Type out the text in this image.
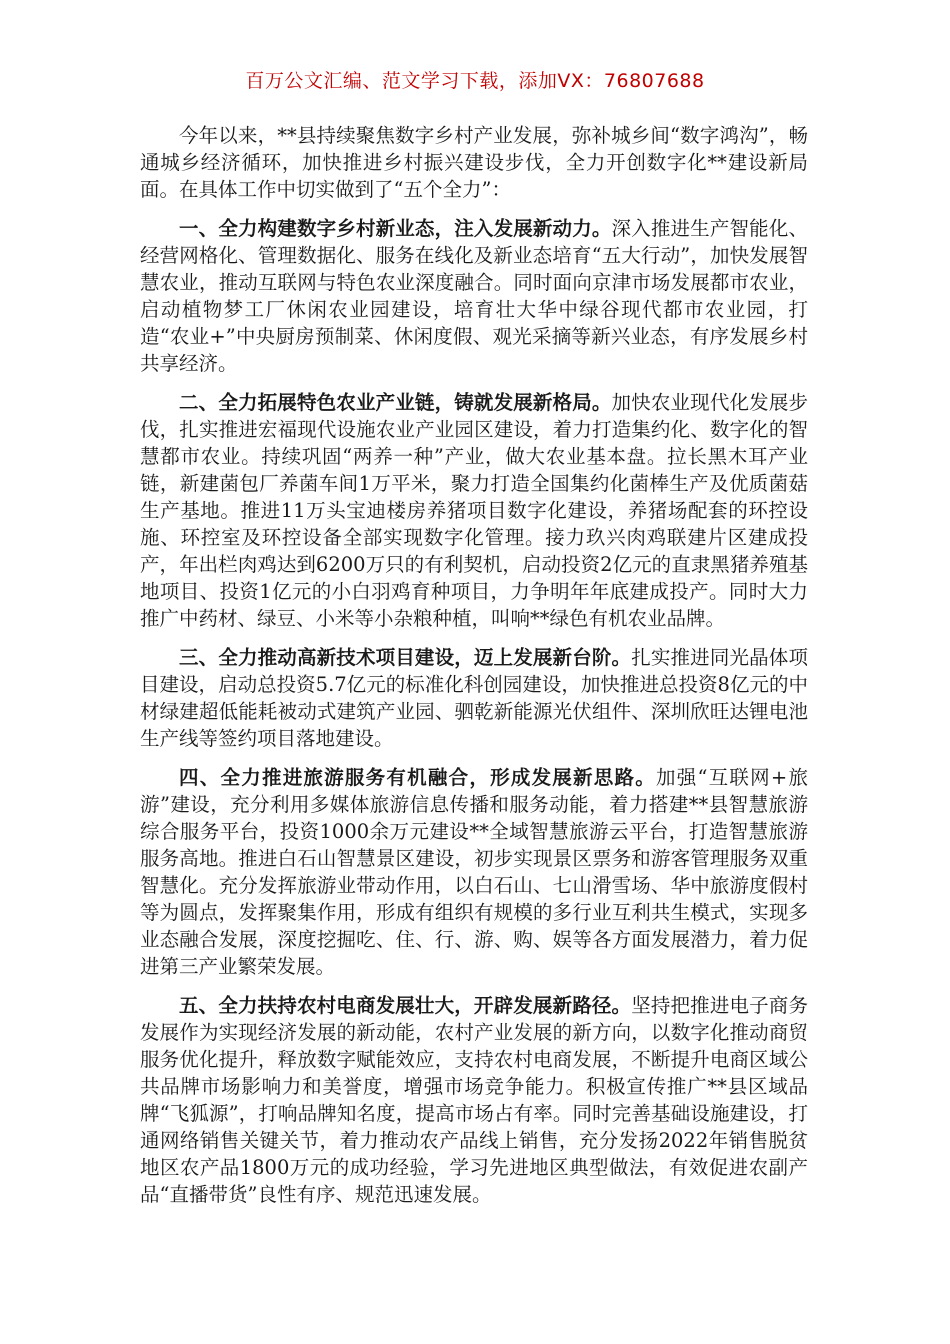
百万公文汇编、范文学习下载，添加VX：76807688

今年以来，**县持续聚焦数字乡村产业发展，弥补城乡间“数字鸿沟”，畅通城乡经济循环，加快推进乡村振兴建设步伐，全力开创数字化**建设新局面。在具体工作中切实做到了“五个全力”：

一、全力构建数字乡村新业态，注入发展新动力。深入推进生产智能化、经营网格化、管理数据化、服务在线化及新业态培育“五大行动”，加快发展智慧农业，推动互联网与特色农业深度融合。同时面向京津市场发展都市农业，启动植物梦工厂休闲农业园建设，培育壮大华中绿谷现代都市农业园，打造“农业+”中央厨房预制菜、休闲度假、观光采摘等新兴业态，有序发展乡村共享经济。

二、全力拓展特色农业产业链，铸就发展新格局。加快农业现代化发展步伐，扎实推进宏福现代设施农业产业园区建设，着力打造集约化、数字化的智慧都市农业。持续巩固“两养一种”产业，做大农业基本盘。拉长黑木耳产业链，新建菌包厂养菌车间1万平米，聚力打造全国集约化菌棒生产及优质菌菇生产基地。推进11万头宝迪楼房养猪项目数字化建设，养猪场配套的环控设施、环控室及环控设备全部实现数字化管理。接力玖兴肉鸡联建片区建成投产，年出栏肉鸡达到6200万只的有利契机，启动投资2亿元的直隶黑猪养殖基地项目、投资1亿元的小白羽鸡育种项目，力争明年年底建成投产。同时大力推广中药材、绿豆、小米等小杂粮种植，叫响**绿色有机农业品牌。

三、全力推动高新技术项目建设，迈上发展新台阶。扎实推进同光晶体项目建设，启动总投资5.7亿元的标准化科创园建设，加快推进总投资8亿元的中材绿建超低能耗被动式建筑产业园、驷乾新能源光伏组件、深圳欣旺达锂电池生产线等签约项目落地建设。

四、全力推进旅游服务有机融合，形成发展新思路。加强“互联网+旅游”建设，充分利用多媒体旅游信息传播和服务动能，着力搭建**县智慧旅游综合服务平台，投资1000余万元建设**全域智慧旅游云平台，打造智慧旅游服务高地。推进白石山智慧景区建设，初步实现景区票务和游客管理服务双重智慧化。充分发挥旅游业带动作用，以白石山、七山滑雪场、华中旅游度假村等为圆点，发挥聚集作用，形成有组织有规模的多行业互利共生模式，实现多业态融合发展，深度挖掘吃、住、行、游、购、娱等各方面发展潜力，着力促进第三产业繁荣发展。

五、全力扶持农村电商发展壮大，开辟发展新路径。坚持把推进电子商务发展作为实现经济发展的新动能，农村产业发展的新方向，以数字化推动商贸服务优化提升，释放数字赋能效应，支持农村电商发展，不断提升电商区域公共品牌市场影响力和美誉度，增强市场竞争能力。积极宣传推广**县区域品牌“飞狐源”，打响品牌知名度，提高市场占有率。同时完善基础设施建设，打通网络销售关键关节，着力推动农产品线上销售，充分发扬2022年销售脱贫地区农产品1800万元的成功经验，学习先进地区典型做法，有效促进农副产品“直播带货”良性有序、规范迅速发展。
